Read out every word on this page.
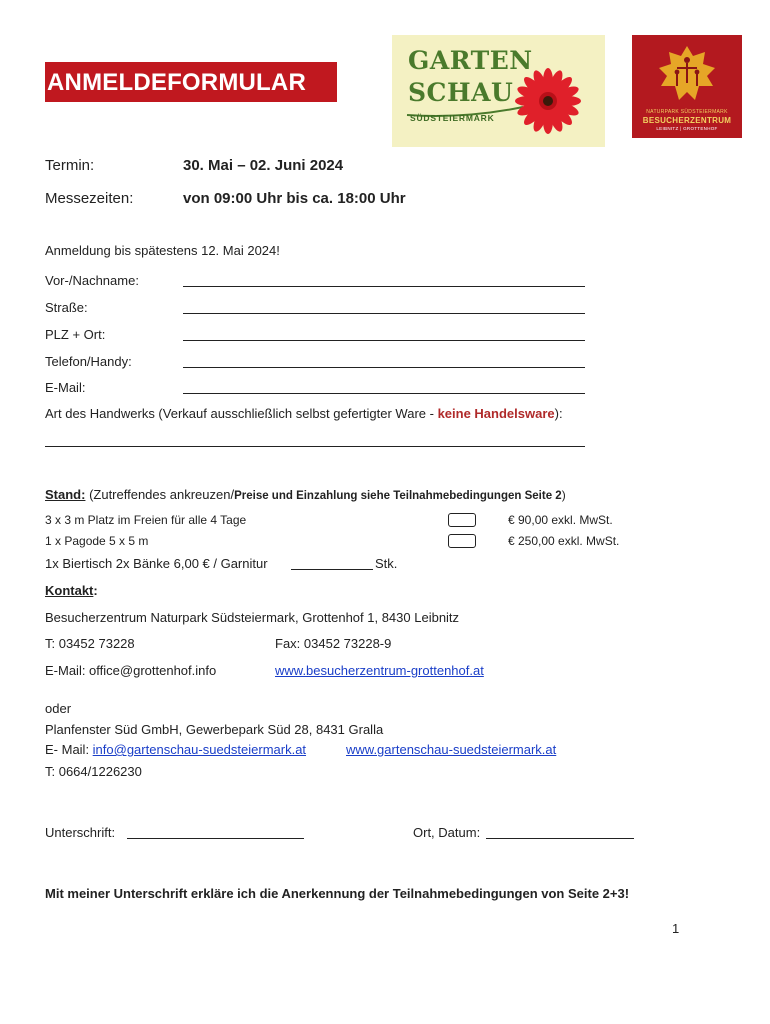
ANMELDEFORMULAR
GARTEN
SCHAU
SÜDSTEIERMARK
NATURPARK SÜDSTEIERMARK
BESUCHERZENTRUM
LEIBNITZ | GROTTENHOF
Termin:	30. Mai – 02. Juni 2024
Messezeiten:	von 09:00 Uhr bis ca. 18:00 Uhr
Anmeldung bis spätestens 12. Mai 2024!
Vor-/Nachname:
Straße:
PLZ + Ort:
Telefon/Handy:
E-Mail:
Art des Handwerks (Verkauf ausschließlich selbst gefertigter Ware - keine Handelsware):
Stand: (Zutreffendes ankreuzen/Preise und Einzahlung siehe Teilnahmebedingungen Seite 2)
3 x 3 m Platz im Freien für alle 4 Tage	€ 90,00 exkl. MwSt.
1 x Pagode 5 x 5 m	€ 250,00 exkl. MwSt.
1x Biertisch 2x Bänke 6,00 € / Garnitur	Stk.
Kontakt:
Besucherzentrum Naturpark Südsteiermark, Grottenhof 1, 8430 Leibnitz
T: 03452 73228	Fax: 03452 73228-9
E-Mail: office@grottenhof.info	www.besucherzentrum-grottenhof.at
oder
Planfenster Süd GmbH, Gewerbepark Süd 28, 8431 Gralla
E- Mail: info@gartenschau-suedsteiermark.at	www.gartenschau-suedsteiermark.at
T: 0664/1226230
Unterschrift:	Ort, Datum:
Mit meiner Unterschrift erkläre ich die Anerkennung der Teilnahmebedingungen von Seite 2+3!
1
